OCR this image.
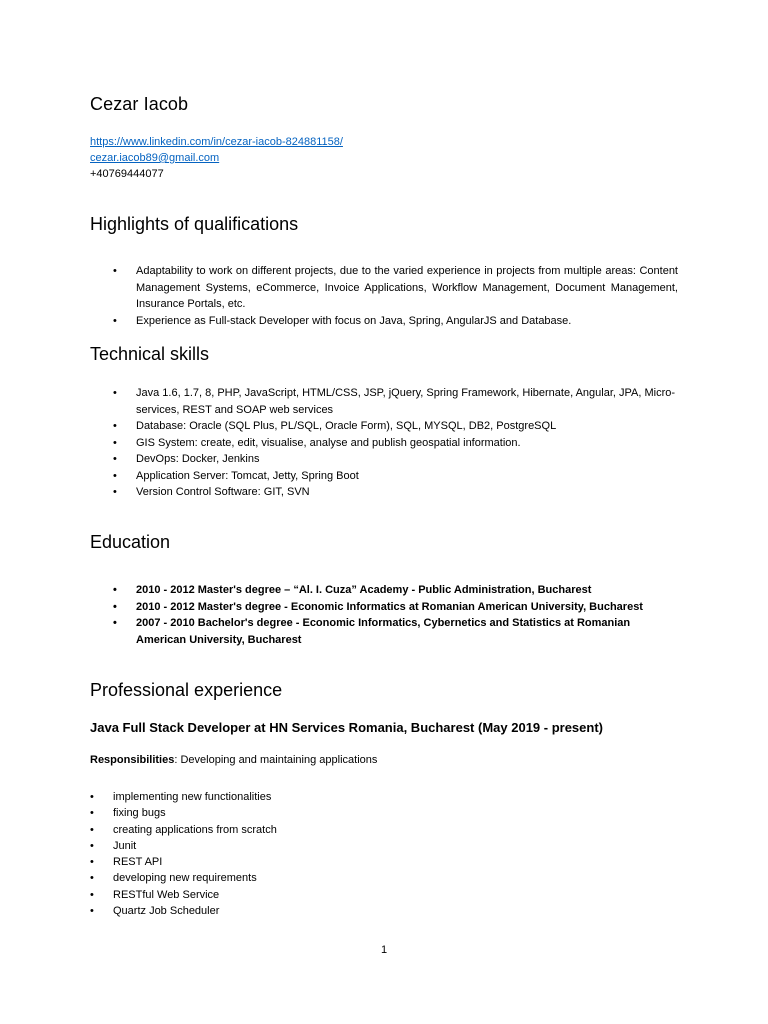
Cezar Iacob
https://www.linkedin.com/in/cezar-iacob-824881158/
cezar.iacob89@gmail.com
+40769444077
Highlights of qualifications
• Adaptability to work on different projects, due to the varied experience in projects from multiple areas: Content Management Systems, eCommerce, Invoice Applications, Workflow Management, Document Management, Insurance Portals, etc.
• Experience as Full-stack Developer with focus on Java, Spring, AngularJS and Database.
Technical skills
• Java 1.6, 1.7, 8, PHP, JavaScript, HTML/CSS, JSP, jQuery, Spring Framework, Hibernate, Angular, JPA, Micro-services, REST and SOAP web services
• Database: Oracle (SQL Plus, PL/SQL, Oracle Form), SQL, MYSQL, DB2, PostgreSQL
• GIS System: create, edit, visualise, analyse and publish geospatial information.
• DevOps: Docker, Jenkins
• Application Server: Tomcat, Jetty, Spring Boot
• Version Control Software: GIT, SVN
Education
• 2010 - 2012 Master's degree – “Al. I. Cuza” Academy - Public Administration, Bucharest
• 2010 - 2012 Master's degree - Economic Informatics at Romanian American University, Bucharest
• 2007 - 2010 Bachelor's degree - Economic Informatics, Cybernetics and Statistics at Romanian American University, Bucharest
Professional experience
Java Full Stack Developer at HN Services Romania, Bucharest (May 2019 - present)
Responsibilities: Developing and maintaining applications
• implementing new functionalities
• fixing bugs
• creating applications from scratch
• Junit
• REST API
• developing new requirements
• RESTful Web Service
• Quartz Job Scheduler
1
